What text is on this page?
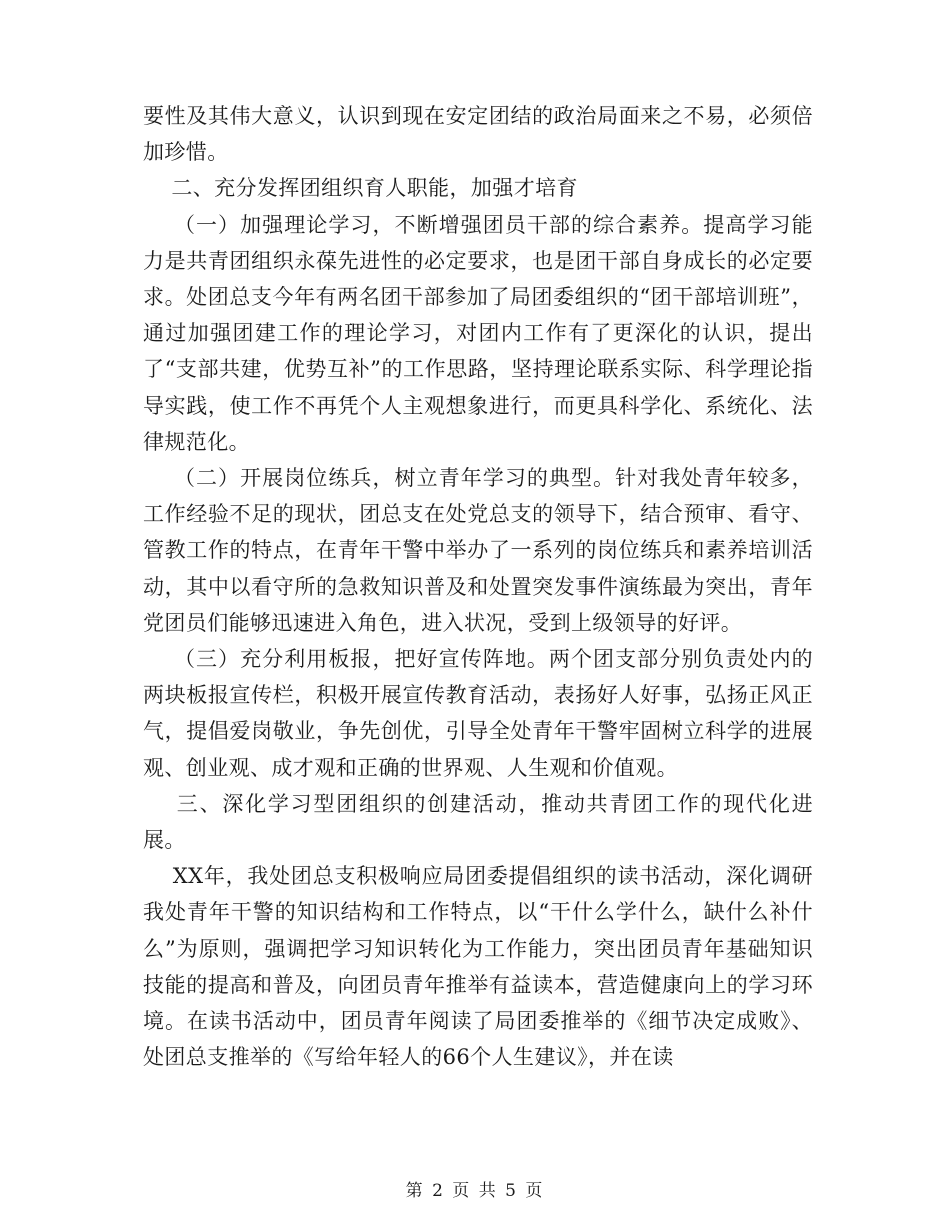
要性及其伟大意义，认识到现在安定团结的政治局面来之不易，必须倍加珍惜。

二、充分发挥团组织育人职能，加强才培育

（一）加强理论学习，不断增强团员干部的综合素养。提高学习能力是共青团组织永葆先进性的必定要求，也是团干部自身成长的必定要求。处团总支今年有两名团干部参加了局团委组织的“团干部培训班”，通过加强团建工作的理论学习，对团内工作有了更深化的认识，提出了“支部共建，优势互补”的工作思路，坚持理论联系实际、科学理论指导实践，使工作不再凭个人主观想象进行，而更具科学化、系统化、法律规范化。

（二）开展岗位练兵，树立青年学习的典型。针对我处青年较多，工作经验不足的现状，团总支在处党总支的领导下，结合预审、看守、管教工作的特点，在青年干警中举办了一系列的岗位练兵和素养培训活动，其中以看守所的急救知识普及和处置突发事件演练最为突出，青年党团员们能够迅速进入角色，进入状况，受到上级领导的好评。

（三）充分利用板报，把好宣传阵地。两个团支部分别负责处内的两块板报宣传栏，积极开展宣传教育活动，表扬好人好事，弘扬正风正气，提倡爱岗敬业，争先创优，引导全处青年干警牢固树立科学的进展观、创业观、成才观和正确的世界观、人生观和价值观。

三、深化学习型团组织的创建活动，推动共青团工作的现代化进展。

XX年，我处团总支积极响应局团委提倡组织的读书活动，深化调研我处青年干警的知识结构和工作特点，以“干什么学什么，缺什么补什么”为原则，强调把学习知识转化为工作能力，突出团员青年基础知识技能的提高和普及，向团员青年推举有益读本，营造健康向上的学习环境。在读书活动中，团员青年阅读了局团委推举的《细节决定成败》、处团总支推举的《写给年轻人的66个人生建议》，并在读

第 2 页 共 5 页
